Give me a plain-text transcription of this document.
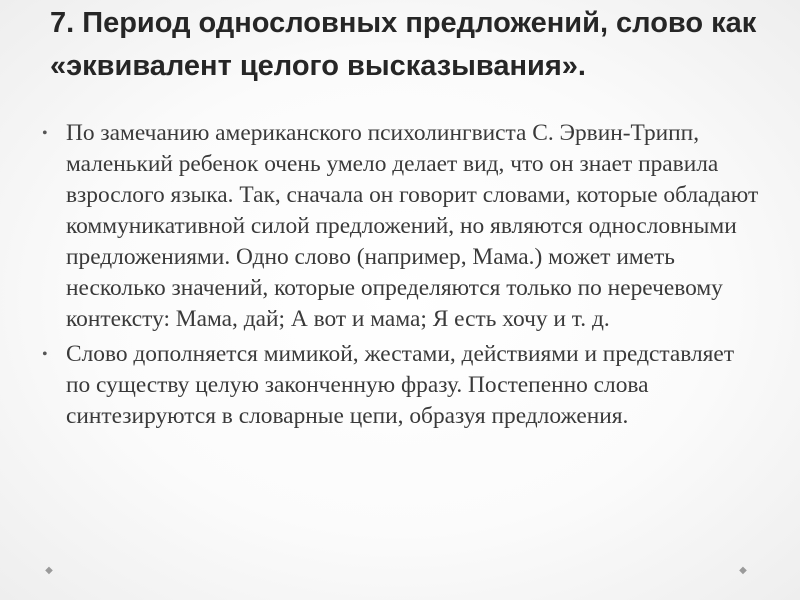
7. Период однословных предложений, слово как «эквивалент целого высказывания».
• По замечанию американского психолингвиста С. Эрвин-Трипп, маленький ребенок очень умело делает вид, что он знает правила взрослого языка. Так, сначала он говорит словами, которые обладают коммуникативной силой предложений, но являются однословными предложениями. Одно слово (например, Мама.) может иметь несколько значений, которые определяются только по неречевому контексту: Мама, дай; А вот и мама; Я есть хочу и т. д.
• Слово дополняется мимикой, жестами, действиями и представляет по существу целую законченную фразу. Постепенно слова синтезируются в словарные цепи, образуя предложения.
◆	◆
